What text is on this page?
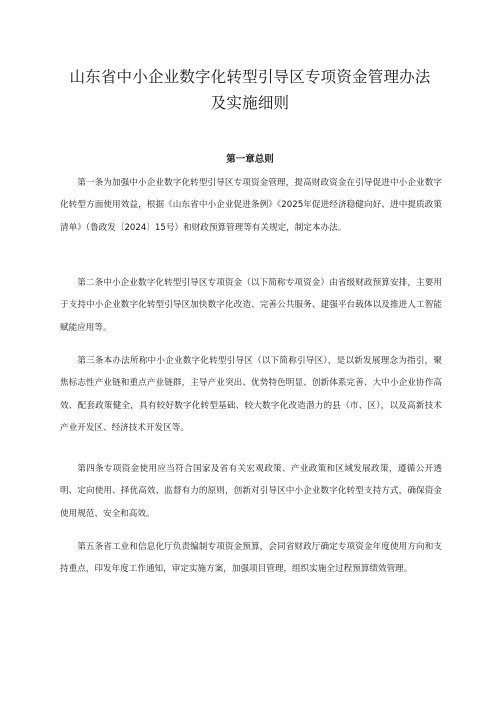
山东省中小企业数字化转型引导区专项资金管理办法
及实施细则
第一章总则

第一条为加强中小企业数字化转型引导区专项资金管理，提高财政资金在引导促进中小企业数字化转型方面使用效益，根据《山东省中小企业促进条例》《2025年促进经济稳健向好、进中提质政策清单》（鲁政发〔2024〕15号）和财政预算管理等有关规定，制定本办法。

第二条中小企业数字化转型引导区专项资金（以下简称专项资金）由省级财政预算安排，主要用于支持中小企业数字化转型引导区加快数字化改造、完善公共服务、建强平台载体以及推进人工智能赋能应用等。

第三条本办法所称中小企业数字化转型引导区（以下简称引导区），是以新发展理念为指引，聚焦标志性产业链和重点产业链群，主导产业突出、优势特色明显、创新体系完善、大中小企业协作高效、配套政策健全，具有较好数字化转型基础、较大数字化改造潜力的县（市、区），以及高新技术产业开发区、经济技术开发区等。

第四条专项资金使用应当符合国家及省有关宏观政策、产业政策和区域发展政策，遵循公开透明、定向使用、择优高效、监督有力的原则，创新对引导区中小企业数字化转型支持方式，确保资金使用规范、安全和高效。

第五条省工业和信息化厅负责编制专项资金预算，会同省财政厅确定专项资金年度使用方向和支持重点，印发年度工作通知，审定实施方案，加强项目管理，组织实施全过程预算绩效管理。
